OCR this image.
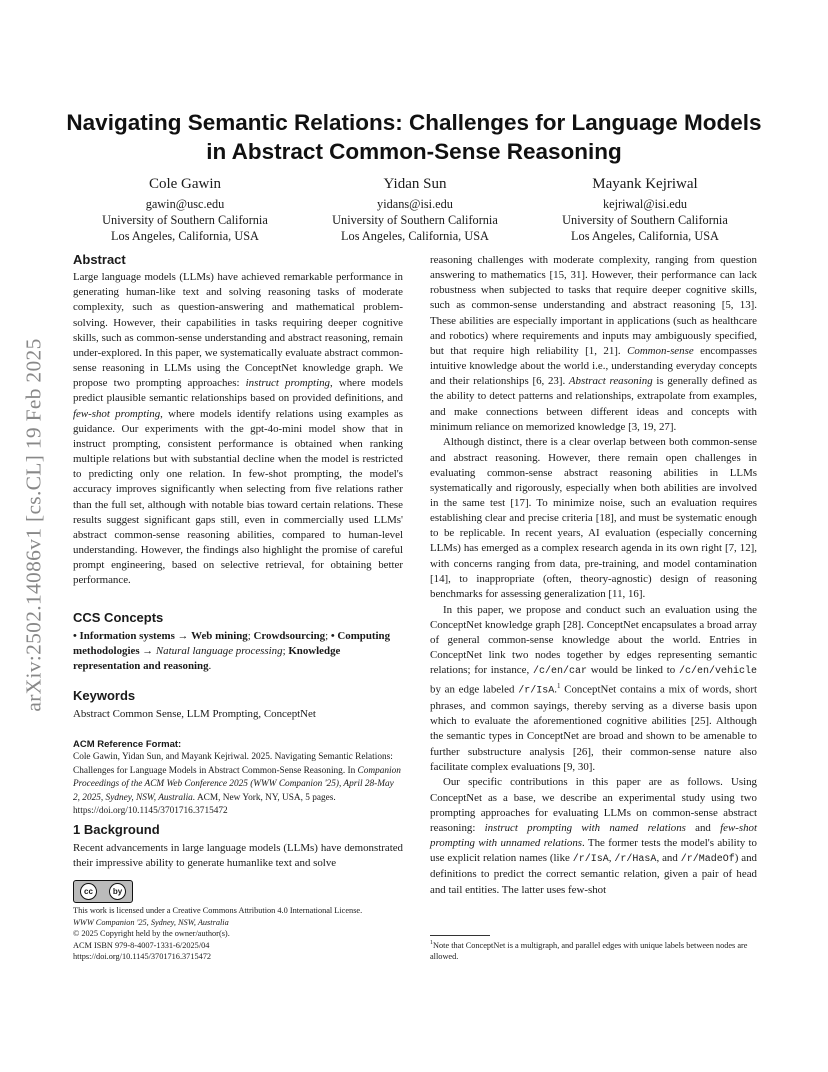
arXiv:2502.14086v1 [cs.CL] 19 Feb 2025
Navigating Semantic Relations: Challenges for Language Models
in Abstract Common-Sense Reasoning
Cole Gawin
gawin@usc.edu
University of Southern California
Los Angeles, California, USA
Yidan Sun
yidans@isi.edu
University of Southern California
Los Angeles, California, USA
Mayank Kejriwal
kejriwal@isi.edu
University of Southern California
Los Angeles, California, USA
Abstract

Large language models (LLMs) have achieved remarkable performance in generating human-like text and solving reasoning tasks of moderate complexity, such as question-answering and mathematical problem-solving. However, their capabilities in tasks requiring deeper cognitive skills, such as common-sense understanding and abstract reasoning, remain under-explored. In this paper, we systematically evaluate abstract common-sense reasoning in LLMs using the ConceptNet knowledge graph. We propose two prompting approaches: instruct prompting, where models predict plausible semantic relationships based on provided definitions, and few-shot prompting, where models identify relations using examples as guidance. Our experiments with the gpt-4o-mini model show that in instruct prompting, consistent performance is obtained when ranking multiple relations but with substantial decline when the model is restricted to predicting only one relation. In few-shot prompting, the model's accuracy improves significantly when selecting from five relations rather than the full set, although with notable bias toward certain relations. These results suggest significant gaps still, even in commercially used LLMs' abstract common-sense reasoning abilities, compared to human-level understanding. However, the findings also highlight the promise of careful prompt engineering, based on selective retrieval, for obtaining better performance.

CCS Concepts

• Information systems → Web mining; Crowdsourcing; • Computing methodologies → Natural language processing; Knowledge representation and reasoning.

Keywords

Abstract Common Sense, LLM Prompting, ConceptNet

ACM Reference Format:

Cole Gawin, Yidan Sun, and Mayank Kejriwal. 2025. Navigating Semantic Relations: Challenges for Language Models in Abstract Common-Sense Reasoning. In Companion Proceedings of the ACM Web Conference 2025 (WWW Companion '25), April 28-May 2, 2025, Sydney, NSW, Australia. ACM, New York, NY, USA, 5 pages. https://doi.org/10.1145/3701716.3715472

1 Background

Recent advancements in large language models (LLMs) have demonstrated their impressive ability to generate humanlike text and solve

cc	by
This work is licensed under a Creative Commons Attribution 4.0 International License.
WWW Companion '25, Sydney, NSW, Australia
© 2025 Copyright held by the owner/author(s).
ACM ISBN 979-8-4007-1331-6/2025/04
https://doi.org/10.1145/3701716.3715472

reasoning challenges with moderate complexity, ranging from question answering to mathematics [15, 31]. However, their performance can lack robustness when subjected to tasks that require deeper cognitive skills, such as common-sense understanding and abstract reasoning [5, 13]. These abilities are especially important in applications (such as healthcare and robotics) where requirements and inputs may ambiguously specified, but that require high reliability [1, 21]. Common-sense encompasses intuitive knowledge about the world i.e., understanding everyday concepts and their relationships [6, 23]. Abstract reasoning is generally defined as the ability to detect patterns and relationships, extrapolate from examples, and make connections between different ideas and concepts with minimum reliance on memorized knowledge [3, 19, 27].

Although distinct, there is a clear overlap between both common-sense and abstract reasoning. However, there remain open challenges in evaluating common-sense abstract reasoning abilities in LLMs systematically and rigorously, especially when both abilities are involved in the same test [17]. To minimize noise, such an evaluation requires establishing clear and precise criteria [18], and must be systematic enough to be replicable. In recent years, AI evaluation (especially concerning LLMs) has emerged as a complex research agenda in its own right [7, 12], with concerns ranging from data, pre-training, and model contamination [14], to inappropriate (often, theory-agnostic) design of reasoning benchmarks for assessing generalization [11, 16].

In this paper, we propose and conduct such an evaluation using the ConceptNet knowledge graph [28]. ConceptNet encapsulates a broad array of general common-sense knowledge about the world. Entries in ConceptNet link two nodes together by edges representing semantic relations; for instance, /c/en/car would be linked to /c/en/vehicle by an edge labeled /r/IsA.$^1$ ConceptNet contains a mix of words, short phrases, and common sayings, thereby serving as a diverse basis upon which to evaluate the aforementioned cognitive abilities [25]. Although the semantic types in ConceptNet are broad and shown to be amenable to further substructure analysis [26], their common-sense nature also facilitate complex evaluations [9, 30].

Our specific contributions in this paper are as follows. Using ConceptNet as a base, we describe an experimental study using two prompting approaches for evaluating LLMs on common-sense abstract reasoning: instruct prompting with named relations and few-shot prompting with unnamed relations. The former tests the model's ability to use explicit relation names (like /r/IsA, /r/HasA, and /r/MadeOf) and definitions to predict the correct semantic relation, given a pair of head and tail entities. The latter uses few-shot

$^1$Note that ConceptNet is a multigraph, and parallel edges with unique labels between nodes are allowed.
